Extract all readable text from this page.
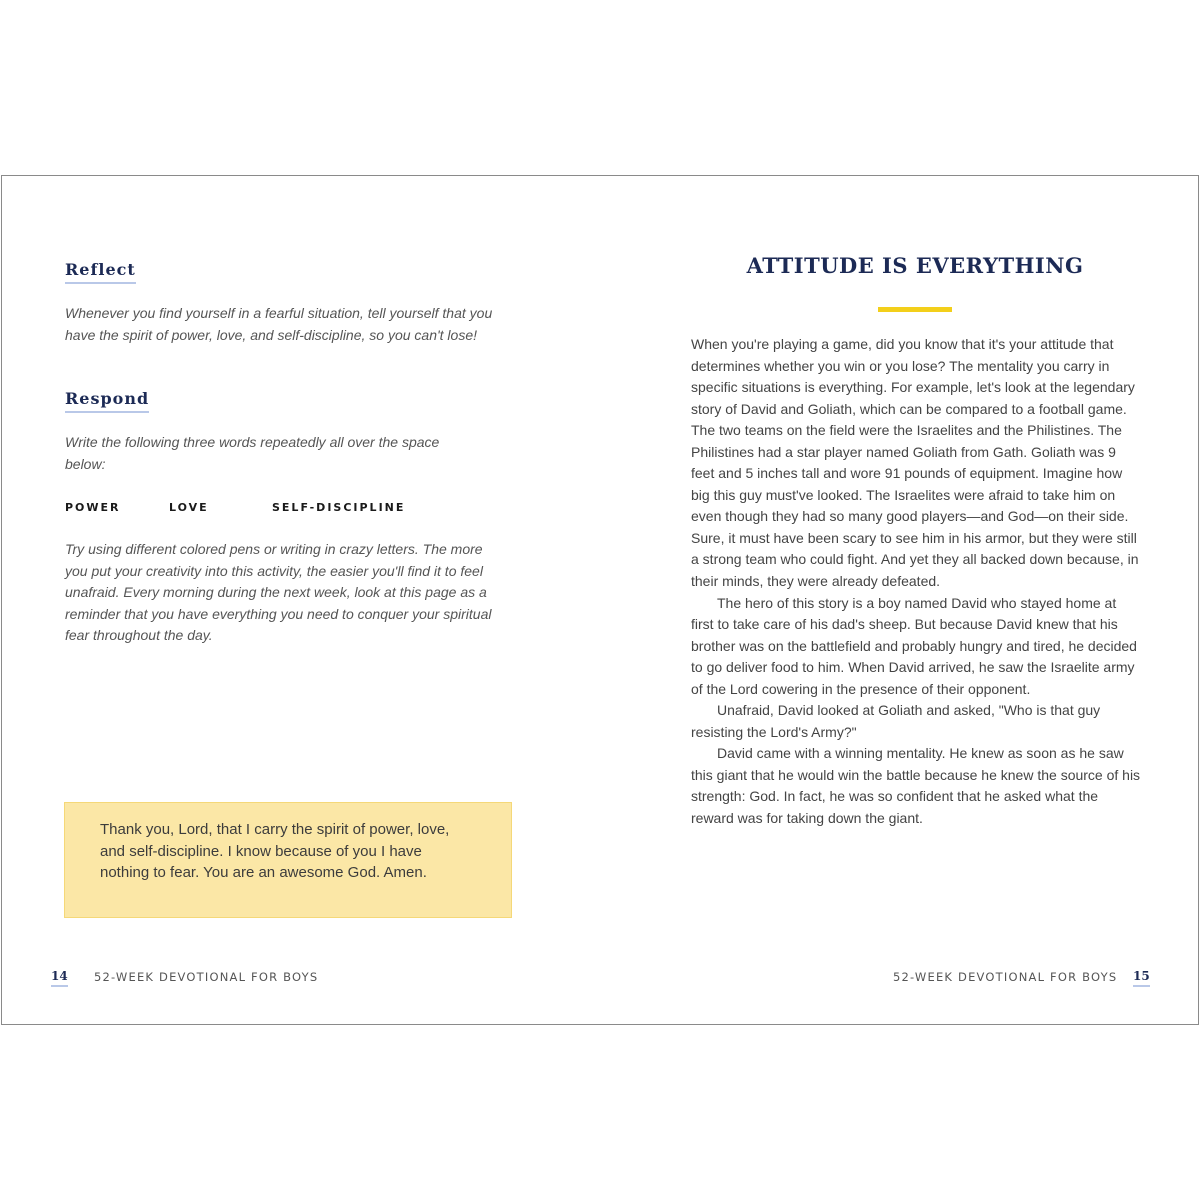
Reflect
Whenever you find yourself in a fearful situation, tell yourself that you have the spirit of power, love, and self-discipline, so you can't lose!
Respond
Write the following three words repeatedly all over the space below:
POWER	LOVE	SELF-DISCIPLINE
Try using different colored pens or writing in crazy letters. The more you put your creativity into this activity, the easier you'll find it to feel unafraid. Every morning during the next week, look at this page as a reminder that you have everything you need to conquer your spiritual fear throughout the day.

Thank you, Lord, that I carry the spirit of power, love, and self-discipline. I know because of you I have nothing to fear. You are an awesome God. Amen.

14 52-WEEK DEVOTIONAL FOR BOYS
ATTITUDE IS EVERYTHING

When you're playing a game, did you know that it's your attitude that determines whether you win or you lose? The mentality you carry in specific situations is everything. For example, let's look at the legendary story of David and Goliath, which can be compared to a football game. The two teams on the field were the Israelites and the Philistines. The Philistines had a star player named Goliath from Gath. Goliath was 9 feet and 5 inches tall and wore 91 pounds of equipment. Imagine how big this guy must've looked. The Israelites were afraid to take him on even though they had so many good players—and God—on their side. Sure, it must have been scary to see him in his armor, but they were still a strong team who could fight. And yet they all backed down because, in their minds, they were already defeated.

The hero of this story is a boy named David who stayed home at first to take care of his dad's sheep. But because David knew that his brother was on the battlefield and probably hungry and tired, he decided to go deliver food to him. When David arrived, he saw the Israelite army of the Lord cowering in the presence of their opponent.

Unafraid, David looked at Goliath and asked, "Who is that guy resisting the Lord's Army?"

David came with a winning mentality. He knew as soon as he saw this giant that he would win the battle because he knew the source of his strength: God. In fact, he was so confident that he asked what the reward was for taking down the giant.

52-WEEK DEVOTIONAL FOR BOYS 15
